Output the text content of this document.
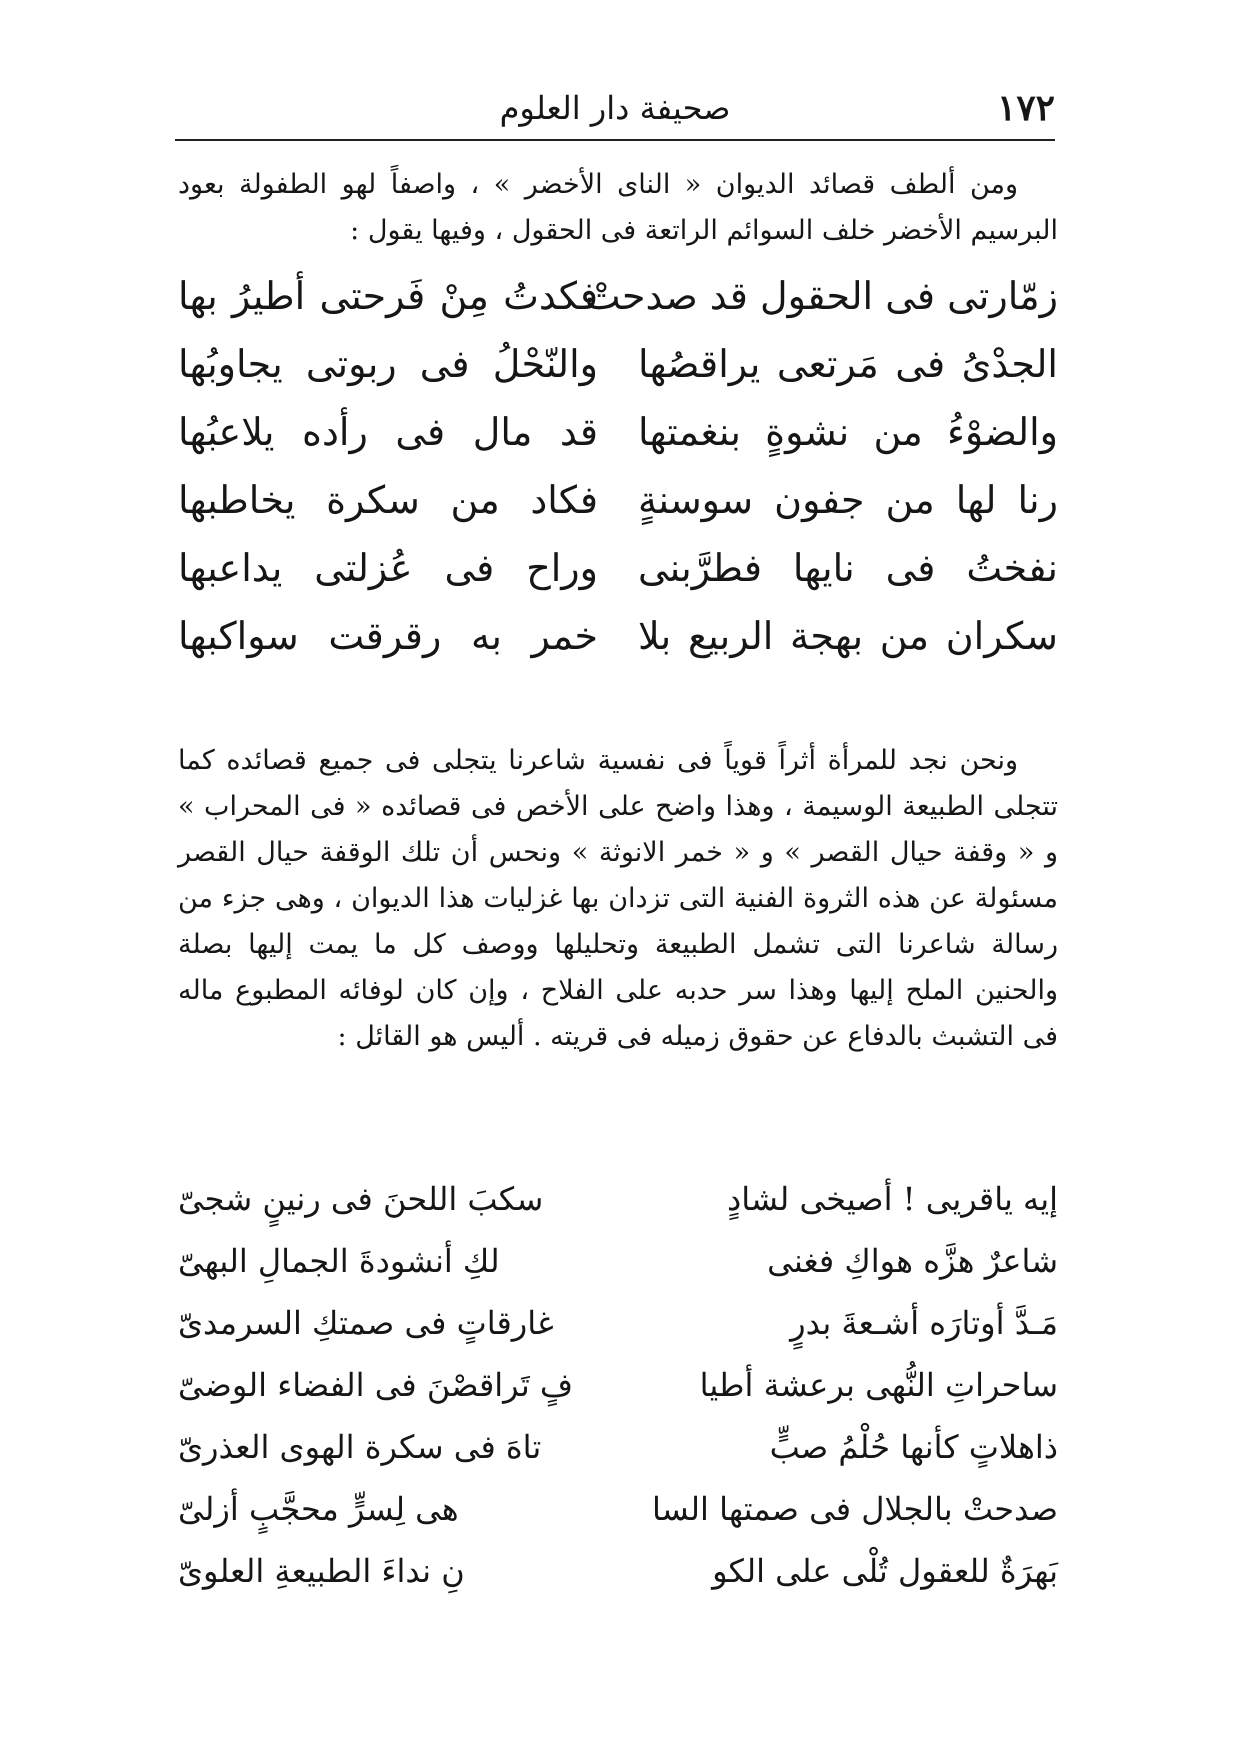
١٧٢
صحيفة دار العلوم

ومن ألطف قصائد الديوان « الناى الأخضر » ، واصفاً لهو الطفولة بعود البرسيم الأخضر خلف السوائم الراتعة فى الحقول ، وفيها يقول :

زمّارتى فى الحقول قد صدحتْ
فكدتُ مِنْ فَرحتى أطيرُ بها
الجدْىُ فى مَرتعى يراقصُها
والنّحْلُ فى ربوتى يجاوبُها
والضوْءُ من نشوةٍ بنغمتها
قد مال فى رأده يلاعبُها
رنا لها من جفون سوسنةٍ
فكاد من سكرة يخاطبها
نفختُ فى نايها فطرَّبنى
وراح فى عُزلتى يداعبها
سكران من بهجة الربيع بلا
خمر به رقرقت سواكبها

ونحن نجد للمرأة أثراً قوياً فى نفسية شاعرنا يتجلى فى جميع قصائده كما تتجلى الطبيعة الوسيمة ، وهذا واضح على الأخص فى قصائده « فى المحراب » و « وقفة حيال القصر » و « خمر الانوثة » ونحس أن تلك الوقفة حيال القصر مسئولة عن هذه الثروة الفنية التى تزدان بها غزليات هذا الديوان ، وهى جزء من رسالة شاعرنا التى تشمل الطبيعة وتحليلها ووصف كل ما يمت إليها بصلة والحنين الملح إليها وهذا سر حدبه على الفلاح ، وإن كان لوفائه المطبوع ماله فى التشبث بالدفاع عن حقوق زميله فى قريته . أليس هو القائل :

إيه ياقريى ! أصيخى لشادٍ
سكبَ اللحنَ فى رنينٍ شجىّ
شاعرٌ هزَّه هواكِ فغنى
لكِ أنشودةَ الجمالِ البهىّ
مَـدَّ أوتارَه أشـعةَ بدرٍ
غارقاتٍ فى صمتكِ السرمدىّ
ساحراتِ النُّهى برعشة أطيا
فٍ تَراقصْنَ فى الفضاء الوضىّ
ذاهلاتٍ كأنها حُلْمُ صبٍّ
تاهَ فى سكرة الهوى العذرىّ
صدحتْ بالجلال فى صمتها السا
هى لِسرٍّ محجَّبٍ أزلىّ
بَهرَةٌ للعقول تُلْى على الكو
نِ نداءَ الطبيعةِ العلوىّ
